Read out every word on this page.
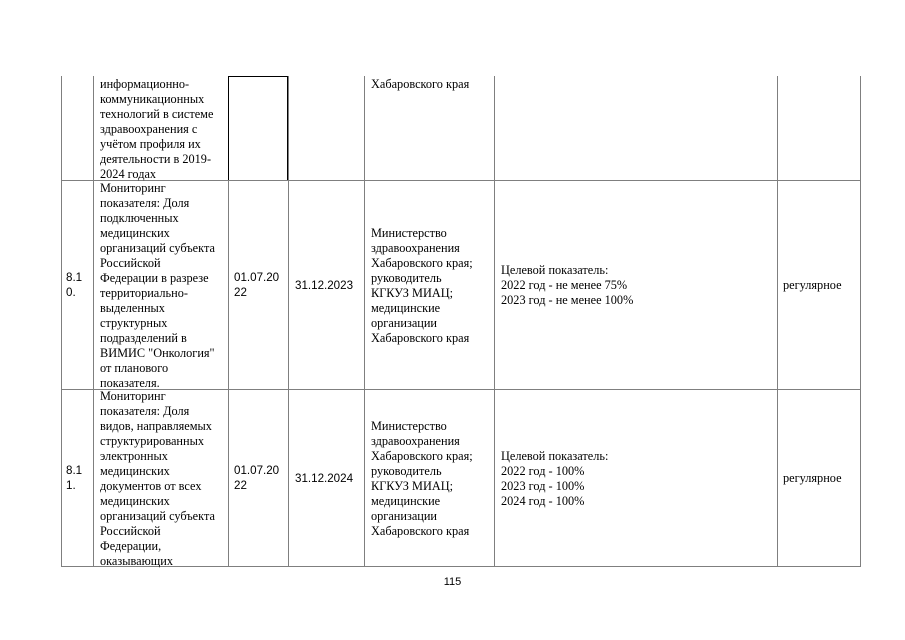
информационно-
коммуникационных
технологий в системе
здравоохранения с
учётом профиля их
деятельности в 2019-
2024 годах
Хабаровского края
8.1
0.
Мониторинг
показателя: Доля
подключенных
медицинских
организаций субъекта
Российской
Федерации в разрезе
территориально-
выделенных
структурных
подразделений в
ВИМИС "Онкология"
от планового
показателя.
01.07.20
22
31.12.2023
Министерство
здравоохранения
Хабаровского края;
руководитель
КГКУЗ МИАЦ;
медицинские
организации
Хабаровского края
Целевой показатель:
2022 год - не менее 75%
2023 год - не менее 100%
регулярное
8.1
1.
Мониторинг
показателя: Доля
видов, направляемых
структурированных
электронных
медицинских
документов от всех
медицинских
организаций субъекта
Российской
Федерации,
оказывающих
01.07.20
22
31.12.2024
Министерство
здравоохранения
Хабаровского края;
руководитель
КГКУЗ МИАЦ;
медицинские
организации
Хабаровского края
Целевой показатель:
2022 год - 100%
2023 год - 100%
2024 год - 100%
регулярное
115
